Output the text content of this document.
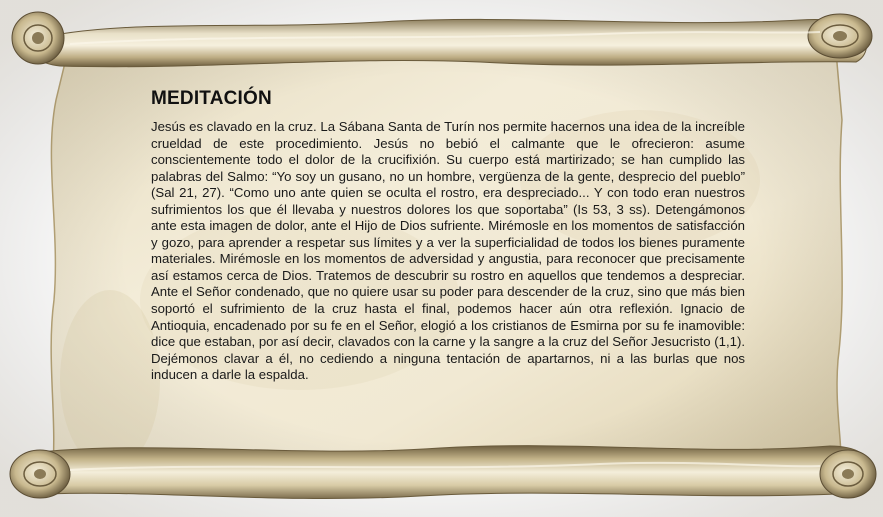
MEDITACIÓN

Jesús es clavado en la cruz. La Sábana Santa de Turín nos permite hacernos una idea de la increíble crueldad de este procedimiento. Jesús no bebió el calmante que le ofrecieron: asume conscientemente todo el dolor de la crucifixión. Su cuerpo está martirizado; se han cumplido las palabras del Salmo: “Yo soy un gusano, no un hombre, vergüenza de la gente, desprecio del pueblo” (Sal 21, 27). “Como uno ante quien se oculta el rostro, era despreciado... Y con todo eran nuestros sufrimientos los que él llevaba y nuestros dolores los que soportaba” (Is 53, 3 ss). Detengámonos ante esta imagen de dolor, ante el Hijo de Dios sufriente. Mirémosle en los momentos de satisfacción y gozo, para aprender a respetar sus límites y a ver la superficialidad de todos los bienes puramente materiales. Mirémosle en los momentos de adversidad y angustia, para reconocer que precisamente así estamos cerca de Dios. Tratemos de descubrir su rostro en aquellos que tendemos a despreciar. Ante el Señor condenado, que no quiere usar su poder para descender de la cruz, sino que más bien soportó el sufrimiento de la cruz hasta el final, podemos hacer aún otra reflexión. Ignacio de Antioquia, encadenado por su fe en el Señor, elogió a los cristianos de Esmirna por su fe inamovible: dice que estaban, por así decir, clavados con la carne y la sangre a la cruz del Señor Jesucristo (1,1). Dejémonos clavar a él, no cediendo a ninguna tentación de apartarnos, ni a las burlas que nos inducen a darle la espalda.
